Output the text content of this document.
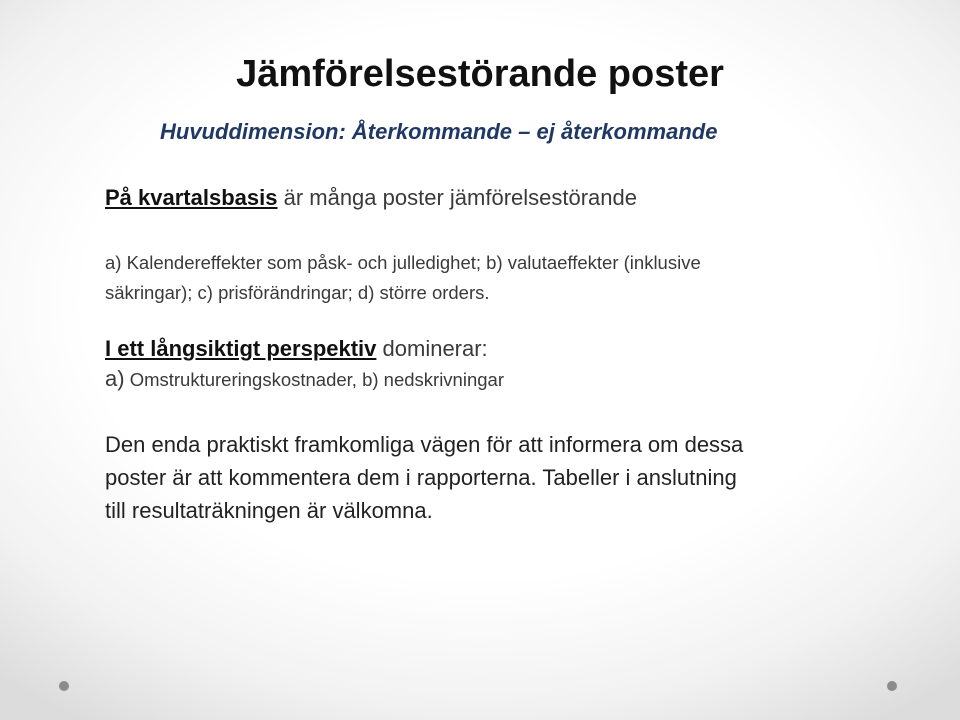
Jämförelsestörande poster
Huvuddimension: Återkommande – ej återkommande
På kvartalsbasis är många poster jämförelsestörande
a) Kalendereffekter som påsk- och julledighet; b) valutaeffekter (inklusive
säkringar); c) prisförändringar; d) större orders.
I ett långsiktigt perspektiv dominerar:
a) Omstruktureringskostnader, b) nedskrivningar
Den enda praktiskt framkomliga vägen för att informera om dessa
poster är att kommentera dem i rapporterna. Tabeller i anslutning
till resultaträkningen är välkomna.
